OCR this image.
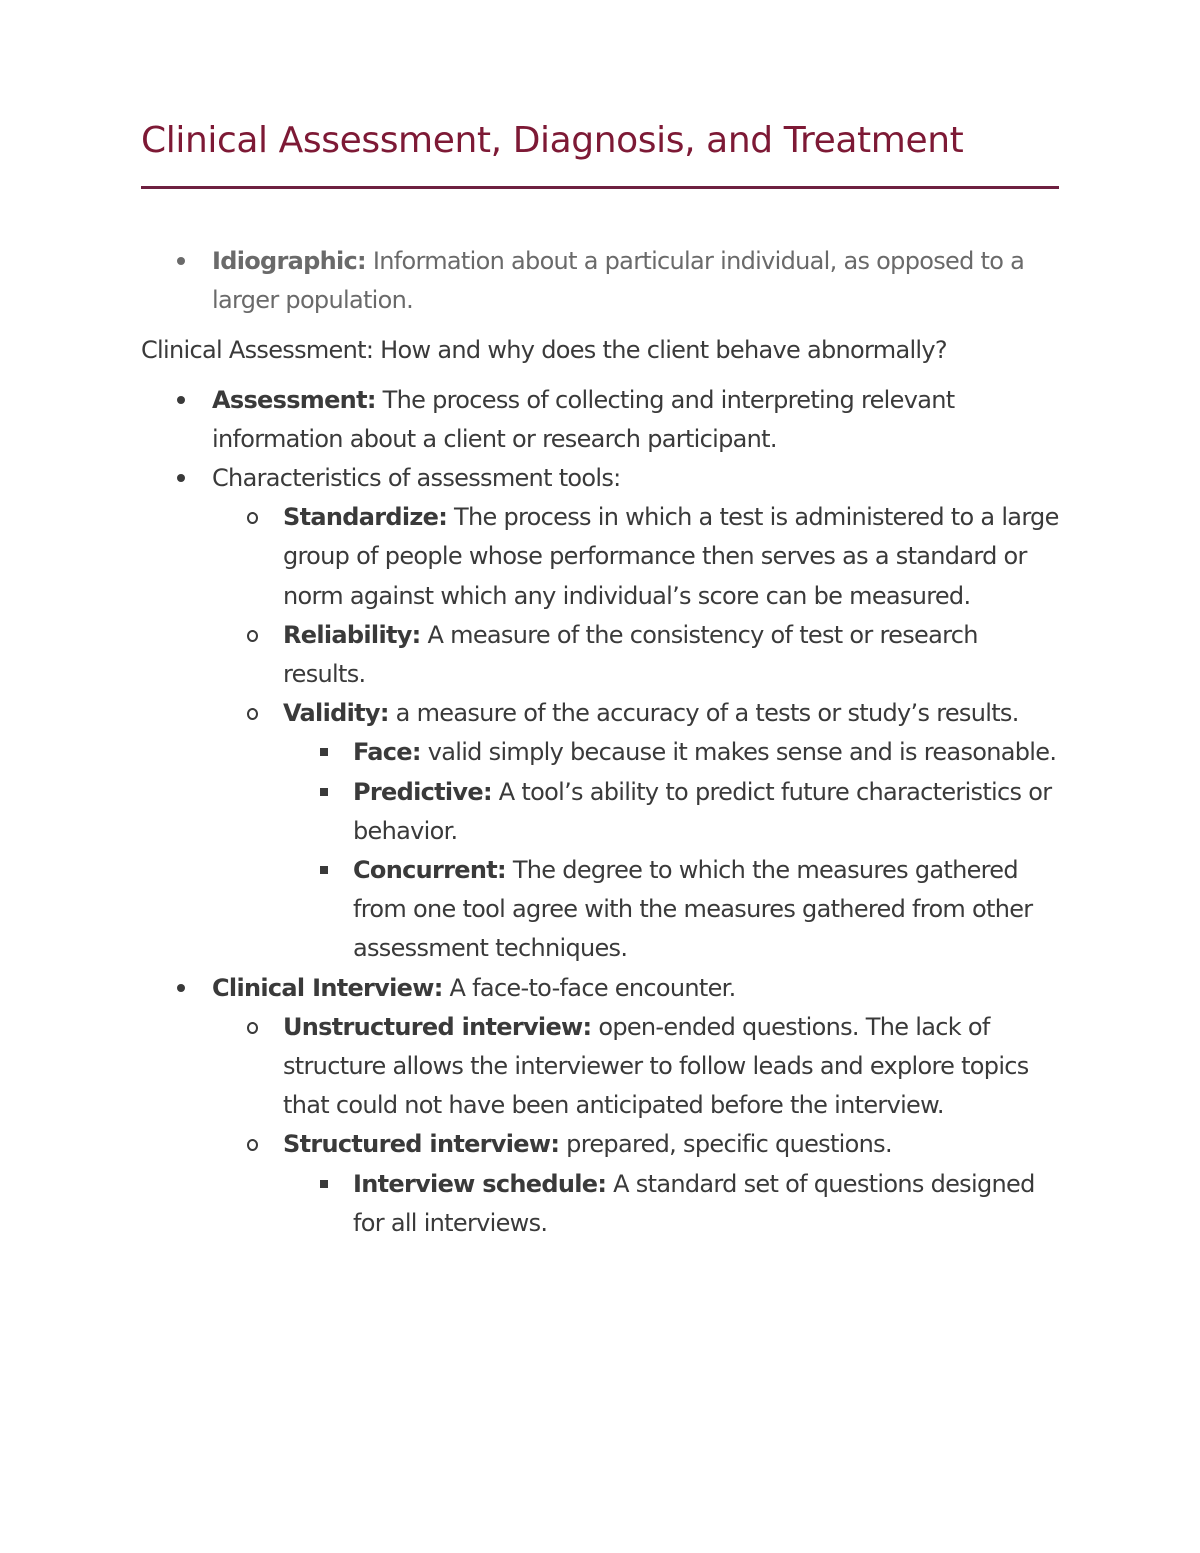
Clinical Assessment, Diagnosis, and Treatment
Idiographic: Information about a particular individual, as opposed to a larger population.

Clinical Assessment: How and why does the client behave abnormally?

Assessment: The process of collecting and interpreting relevant information about a client or research participant.
Characteristics of assessment tools:
Standardize: The process in which a test is administered to a large group of people whose performance then serves as a standard or norm against which any individual’s score can be measured.
Reliability: A measure of the consistency of test or research results.
Validity: a measure of the accuracy of a tests or study’s results.
Face: valid simply because it makes sense and is reasonable.
Predictive: A tool’s ability to predict future characteristics or behavior.
Concurrent: The degree to which the measures gathered from one tool agree with the measures gathered from other assessment techniques.
Clinical Interview: A face-to-face encounter.
Unstructured interview: open-ended questions. The lack of structure allows the interviewer to follow leads and explore topics that could not have been anticipated before the interview.
Structured interview: prepared, specific questions.
Interview schedule: A standard set of questions designed for all interviews.
